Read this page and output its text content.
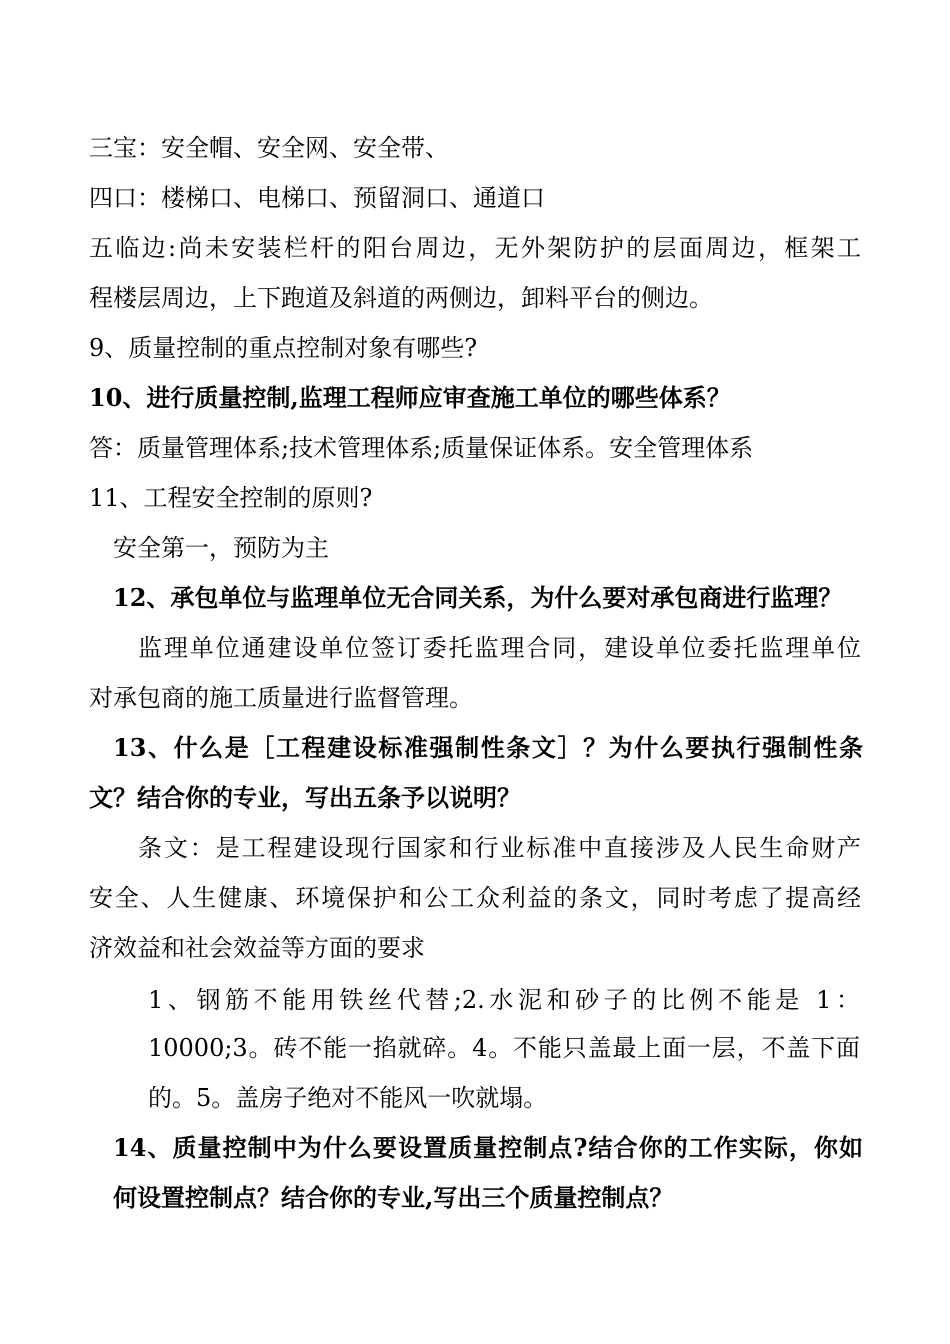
三宝：安全帽、安全网、安全带、
四口：楼梯口、电梯口、预留洞口、通道口
五临边:尚未安装栏杆的阳台周边，无外架防护的层面周边，框架工
程楼层周边，上下跑道及斜道的两侧边，卸料平台的侧边。
9、质量控制的重点控制对象有哪些?
10、进行质量控制,监理工程师应审查施工单位的哪些体系？
答：质量管理体系;技术管理体系;质量保证体系。安全管理体系
11、工程安全控制的原则?
安全第一，预防为主
12、承包单位与监理单位无合同关系，为什么要对承包商进行监理？
监理单位通建设单位签订委托监理合同，建设单位委托监理单位
对承包商的施工质量进行监督管理。
13、什么是［工程建设标准强制性条文］？为什么要执行强制性条
文？结合你的专业，写出五条予以说明？
条文：是工程建设现行国家和行业标准中直接涉及人民生命财产
安全、人生健康、环境保护和公工众利益的条文，同时考虑了提高经
济效益和社会效益等方面的要求
1、钢筋不能用铁丝代替;2.水泥和砂子的比例不能是 1：
10000;3。砖不能一掐就碎。4。不能只盖最上面一层，不盖下面
的。5。盖房子绝对不能风一吹就塌。
14、质量控制中为什么要设置质量控制点?结合你的工作实际，你如
何设置控制点？结合你的专业,写出三个质量控制点？
